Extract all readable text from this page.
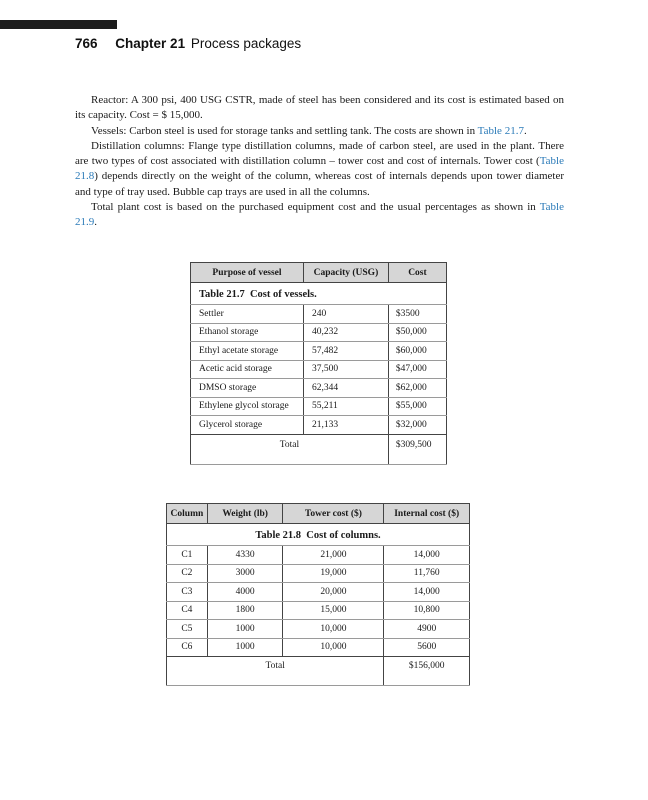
766 Chapter 21 Process packages

Reactor: A 300 psi, 400 USG CSTR, made of steel has been considered and its cost is estimated based on its capacity. Cost = $ 15,000.

Vessels: Carbon steel is used for storage tanks and settling tank. The costs are shown in Table 21.7.

Distillation columns: Flange type distillation columns, made of carbon steel, are used in the plant. There are two types of cost associated with distillation column – tower cost and cost of internals. Tower cost (Table 21.8) depends directly on the weight of the column, whereas cost of internals depends upon tower diameter and type of tray used. Bubble cap trays are used in all the columns.

Total plant cost is based on the purchased equipment cost and the usual percentages as shown in Table 21.9.

Table 21.7 Cost of vessels.		
Purpose of vessel	Capacity (USG)	Cost
Settler	240	$3500
Ethanol storage	40,232	$50,000
Ethyl acetate storage	57,482	$60,000
Acetic acid storage	37,500	$47,000
DMSO storage	62,344	$62,000
Ethylene glycol storage	55,211	$55,000
Glycerol storage	21,133	$32,000
Total		$309,500
Table 21.8 Cost of columns.			
Column	Weight (lb)	Tower cost ($)	Internal cost ($)
C1	4330	21,000	14,000
C2	3000	19,000	11,760
C3	4000	20,000	14,000
C4	1800	15,000	10,800
C5	1000	10,000	4900
C6	1000	10,000	5600
Total			$156,000
